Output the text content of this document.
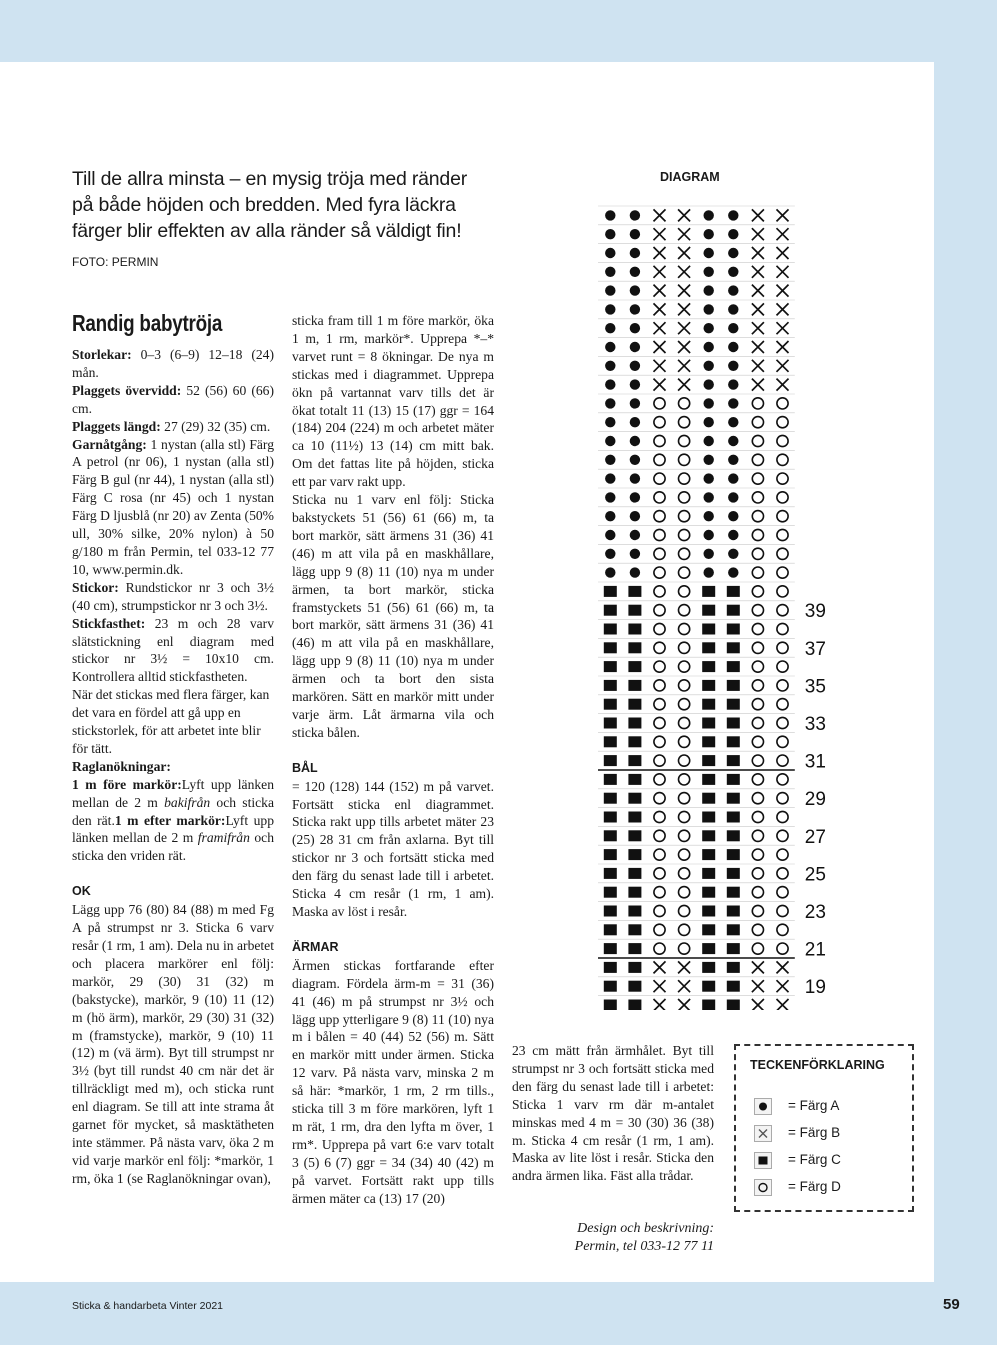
Till de allra minsta – en mysig tröja med ränder på både höjden och bredden. Med fyra läckra färger blir effekten av alla ränder så väldigt fin!
FOTO: PERMIN
Randig babytröja

Storlekar: 0–3 (6–9) 12–18 (24) mån.

Plaggets övervidd: 52 (56) 60 (66) cm.

Plaggets längd: 27 (29) 32 (35) cm.

Garnåtgång: 1 nystan (alla stl) Färg A petrol (nr 06), 1 nystan (alla stl) Färg B gul (nr 44), 1 nystan (alla stl) Färg C rosa (nr 45) och 1 nystan Färg D ljusblå (nr 20) av Zenta (50% ull, 30% silke, 20% nylon) à 50 g/180 m från Permin, tel 033-12 77 10, www.permin.dk.

Stickor: Rundstickor nr 3 och 3½ (40 cm), strumpstickor nr 3 och 3½.

Stickfasthet: 23 m och 28 varv slätstickning enl diagram med stickor nr 3½ = 10x10 cm. Kontrollera alltid stickfastheten.

När det stickas med flera färger, kan det vara en fördel att gå upp en stickstorlek, för att arbetet inte blir för tätt.

Raglanökningar:

1 m före markör:Lyft upp länken mellan de 2 m bakifrån och sticka den rät.1 m efter markör:Lyft upp länken mellan de 2 m framifrån och sticka den vriden rät.

OK

Lägg upp 76 (80) 84 (88) m med Fg A på strumpst nr 3. Sticka 6 varv resår (1 rm, 1 am). Dela nu in arbetet och placera markörer enl följ: markör, 29 (30) 31 (32) m (bakstycke), markör, 9 (10) 11 (12) m (hö ärm), markör, 29 (30) 31 (32) m (framstycke), markör, 9 (10) 11 (12) m (vä ärm). Byt till strumpst nr 3½ (byt till rundst 40 cm när det är tillräckligt med m), och sticka runt enl diagram. Se till att inte strama åt garnet för mycket, så masktätheten inte stämmer. På nästa varv, öka 2 m vid varje markör enl följ: *markör, 1 rm, öka 1 (se Raglanökningar ovan),

sticka fram till 1 m före markör, öka 1 m, 1 rm, markör*. Upprepa *–* varvet runt = 8 ökningar. De nya m stickas med i diagrammet. Upprepa ökn på vartannat varv tills det är ökat totalt 11 (13) 15 (17) ggr = 164 (184) 204 (224) m och arbetet mäter ca 10 (11½) 13 (14) cm mitt bak. Om det fattas lite på höjden, sticka ett par varv rakt upp.

Sticka nu 1 varv enl följ: Sticka bakstyckets 51 (56) 61 (66) m, ta bort markör, sätt ärmens 31 (36) 41 (46) m att vila på en maskhållare, lägg upp 9 (8) 11 (10) nya m under ärmen, ta bort markör, sticka framstyckets 51 (56) 61 (66) m, ta bort markör, sätt ärmens 31 (36) 41 (46) m att vila på en maskhållare, lägg upp 9 (8) 11 (10) nya m under ärmen och ta bort den sista markören. Sätt en markör mitt under varje ärm. Låt ärmarna vila och sticka bålen.

BÅL

= 120 (128) 144 (152) m på varvet. Fortsätt sticka enl diagrammet. Sticka rakt upp tills arbetet mäter 23 (25) 28 31 cm från axlarna. Byt till stickor nr 3 och fortsätt sticka med den färg du senast lade till i arbetet. Sticka 4 cm resår (1 rm, 1 am). Maska av löst i resår.

ÄRMAR

Ärmen stickas fortfarande efter diagram. Fördela ärm-m = 31 (36) 41 (46) m på strumpst nr 3½ och lägg upp ytterligare 9 (8) 11 (10) nya m i bålen = 40 (44) 52 (56) m. Sätt en markör mitt under ärmen. Sticka 12 varv. På nästa varv, minska 2 m så här: *markör, 1 rm, 2 rm tills., sticka till 3 m före markören, lyft 1 m rät, 1 rm, dra den lyfta m över, 1 rm*. Upprepa på vart 6:e varv totalt 3 (5) 6 (7) ggr = 34 (34) 40 (42) m på varvet. Fortsätt rakt upp tills ärmen mäter ca (13) 17 (20)

23 cm mätt från ärmhålet. Byt till strumpst nr 3 och fortsätt sticka med den färg du senast lade till i arbetet: Sticka 1 varv rm där m-antalet minskas med 4 m = 30 (30) 36 (38) m. Sticka 4 cm resår (1 rm, 1 am). Maska av lite löst i resår. Sticka den andra ärmen lika. Fäst alla trådar.

Design och beskrivning:
Permin, tel 033-12 77 11
DIAGRAM
19
21
23
25
27
29
31
33
35
37
39
TECKENFÖRKLARING
= Färg A
= Färg B
= Färg C
= Färg D
Sticka & handarbeta Vinter 2021	59
